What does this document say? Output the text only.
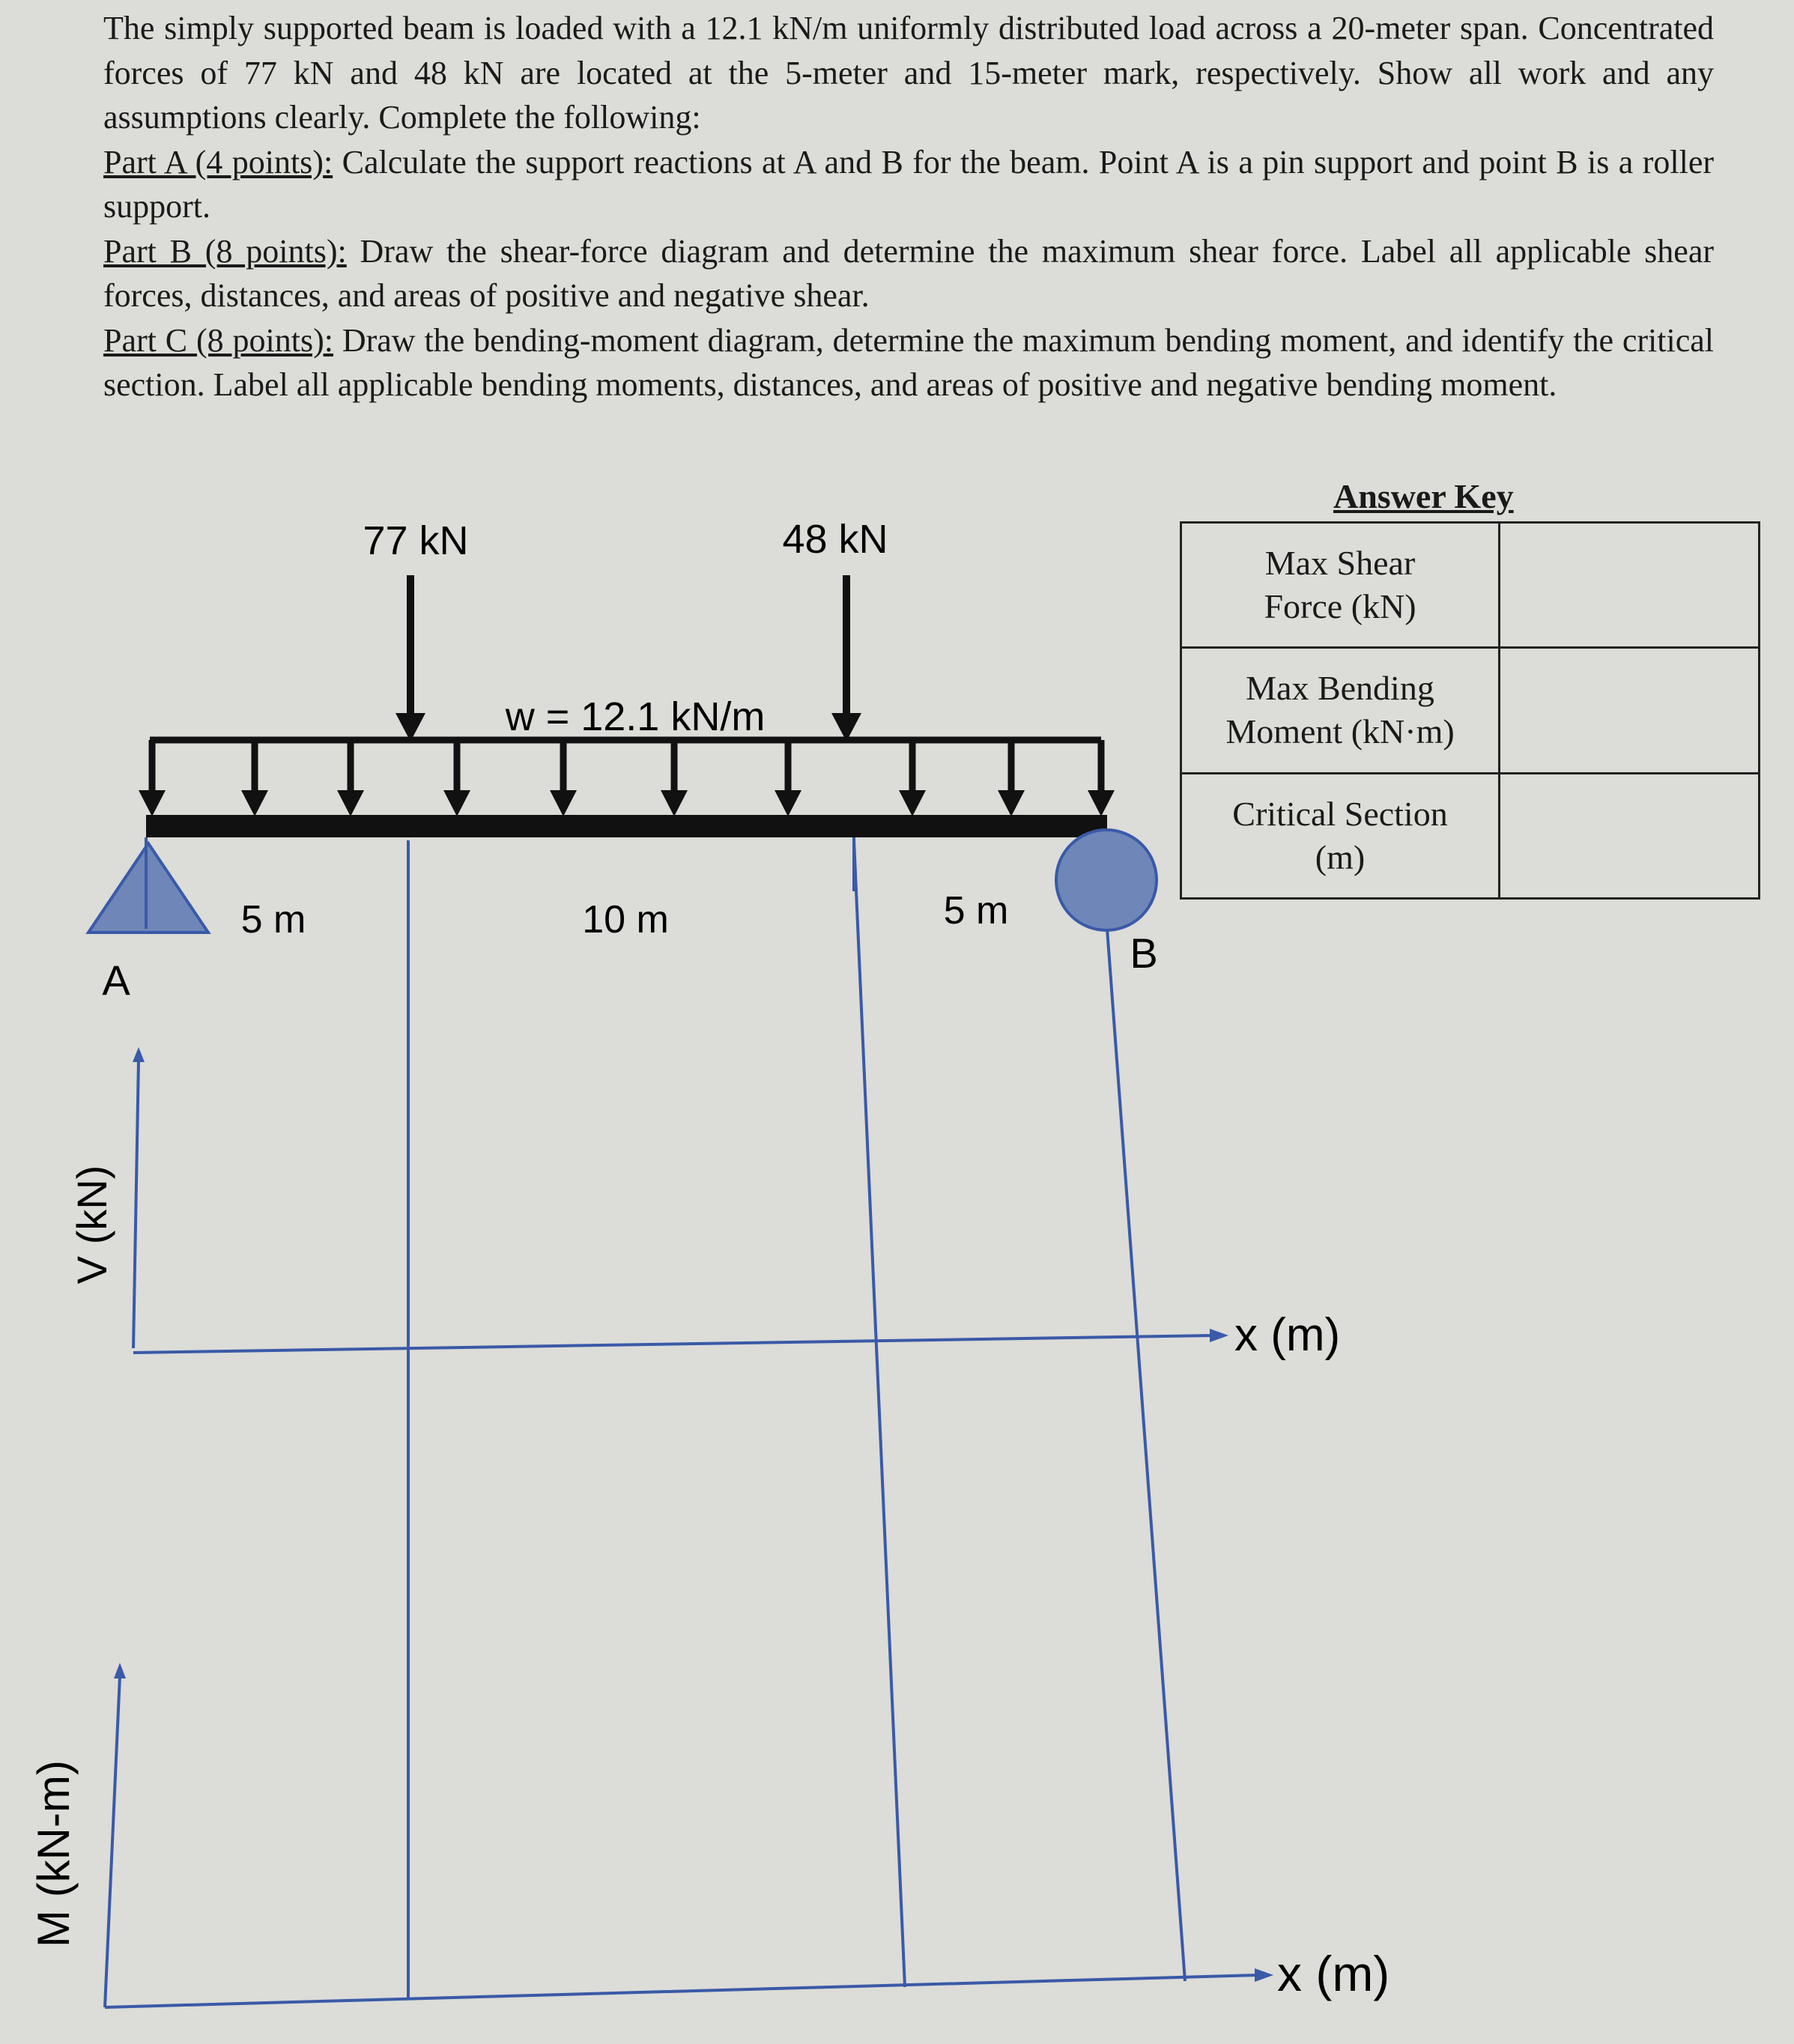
The simply supported beam is loaded with a 12.1 kN/m uniformly distributed load across a 20-meter span. Concentrated forces of 77 kN and 48 kN are located at the 5-meter and 15-meter mark, respectively. Show all work and any assumptions clearly. Complete the following:

Part A (4 points): Calculate the support reactions at A and B for the beam. Point A is a pin support and point B is a roller support.

Part B (8 points): Draw the shear-force diagram and determine the maximum shear force. Label all applicable shear forces, distances, and areas of positive and negative shear.

Part C (8 points): Draw the bending-moment diagram, determine the maximum bending moment, and identify the critical section. Label all applicable bending moments, distances, and areas of positive and negative bending moment.

77 kN	48 kN
w = 12.1 kN/m
A
B
5 m	10 m	5 m
V (kN)
x (m)
M (kN-m)
x (m)
Answer Key
Max Shear
Force (kN)	
Max Bending
Moment (kN·m)	
Critical Section
(m)	
